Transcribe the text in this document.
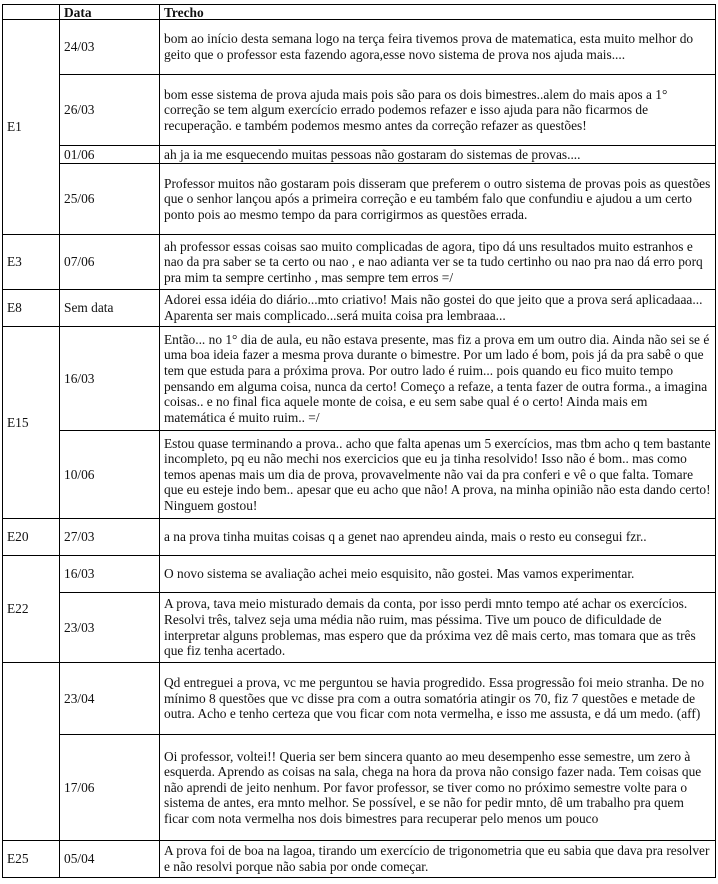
	Data	Trecho
E1	24/03	bom ao início desta semana logo na terça feira tivemos prova de matematica, esta muito melhor do geito que o professor esta fazendo agora,esse novo sistema de prova nos ajuda mais....
	26/03	bom esse sistema de prova ajuda mais pois são para os dois bimestres..alem do mais apos a 1° correção se tem algum exercício errado podemos refazer e isso ajuda para não ficarmos de recuperação. e também podemos mesmo antes da correção refazer as questões!
	01/06	ah ja ia me esquecendo muitas pessoas não gostaram do sistemas de provas....
	25/06	Professor muitos não gostaram pois disseram que preferem o outro sistema de provas pois as questões que o senhor lançou após a primeira correção e eu também falo que confundiu e ajudou a um certo ponto pois ao mesmo tempo da para corrigirmos as questões errada.
E3	07/06	ah professor essas coisas sao muito complicadas de agora, tipo dá uns resultados muito estranhos e nao da pra saber se ta certo ou nao , e nao adianta ver se ta tudo certinho ou nao pra nao dá erro porq pra mim ta sempre certinho , mas sempre tem erros =/
E8	Sem data	Adorei essa idéia do diário...mto criativo! Mais não gostei do que jeito que a prova será aplicadaaa... Aparenta ser mais complicado...será muita coisa pra lembraaa...
E15	16/03	Então... no 1° dia de aula, eu não estava presente, mas fiz a prova em um outro dia. Ainda não sei se é uma boa ideia fazer a mesma prova durante o bimestre. Por um lado é bom, pois já da pra sabê o que tem que estuda para a próxima prova. Por outro lado é ruim... pois quando eu fico muito tempo pensando em alguma coisa, nunca da certo! Começo a refaze, a tenta fazer de outra forma., a imagina coisas.. e no final fica aquele monte de coisa, e eu sem sabe qual é o certo! Ainda mais em matemática é muito ruim.. =/
	10/06	Estou quase terminando a prova.. acho que falta apenas um 5 exercícios, mas tbm acho q tem bastante incompleto, pq eu não mechi nos exercicios que eu ja tinha resolvido! Isso não é bom.. mas como temos apenas mais um dia de prova, provavelmente não vai da pra conferi e vê o que falta. Tomare que eu esteje indo bem.. apesar que eu acho que não! A prova, na minha opinião não esta dando certo! Ninguem gostou!
E20	27/03	a na prova tinha muitas coisas q a genet nao aprendeu ainda, mais o resto eu consegui fzr..
E22	16/03	O novo sistema se avaliação achei meio esquisito, não gostei. Mas vamos experimentar.
	23/03	A prova, tava meio misturado demais da conta, por isso perdi mnto tempo até achar os exercícios. Resolvi três, talvez seja uma média não ruim, mas péssima. Tive um pouco de dificuldade de interpretar alguns problemas, mas espero que da próxima vez dê mais certo, mas tomara que as três que fiz tenha acertado.
	23/04	Qd entreguei a prova, vc me perguntou se havia progredido. Essa progressão foi meio stranha. De no mínimo 8 questões que vc disse pra com a outra somatória atingir os 70, fiz 7 questões e metade de outra. Acho e tenho certeza que vou ficar com nota vermelha, e isso me assusta, e dá um medo. (aff)
	17/06	Oi professor, voltei!! Queria ser bem sincera quanto ao meu desempenho esse semestre, um zero à esquerda. Aprendo as coisas na sala, chega na hora da prova não consigo fazer nada. Tem coisas que não aprendi de jeito nenhum. Por favor professor, se tiver como no próximo semestre volte para o sistema de antes, era mnto melhor. Se possível, e se não for pedir mnto, dê um trabalho pra quem ficar com nota vermelha nos dois bimestres para recuperar pelo menos um pouco
E25	05/04	A prova foi de boa na lagoa, tirando um exercício de trigonometria que eu sabia que dava pra resolver e não resolvi porque não sabia por onde começar.
